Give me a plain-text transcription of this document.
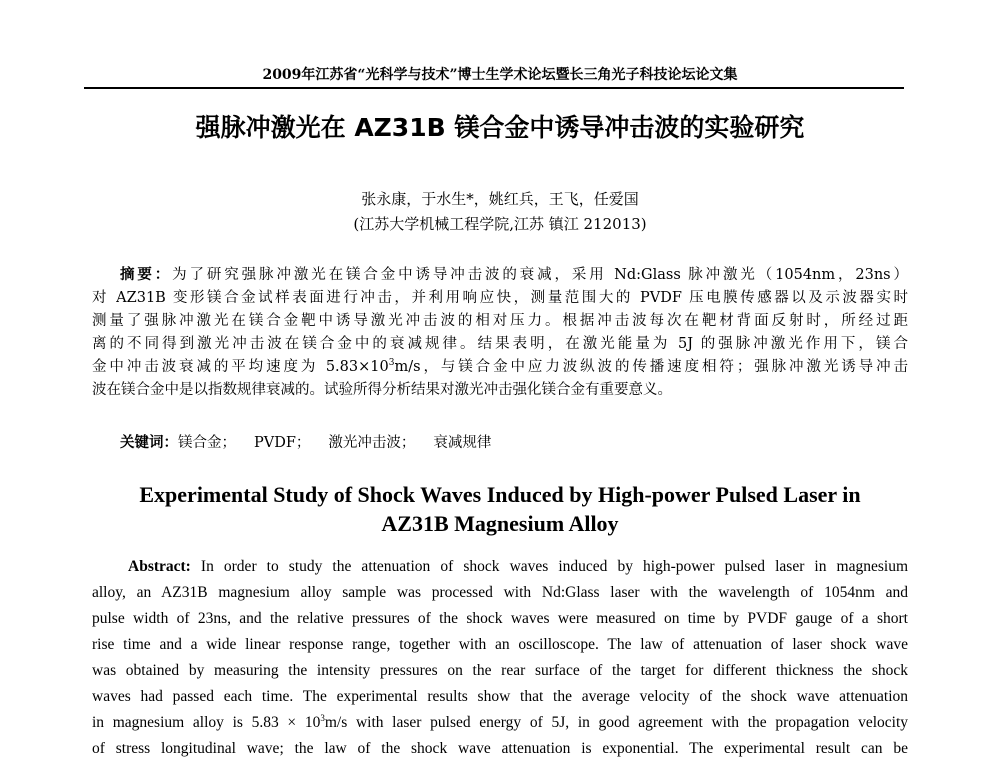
2009年江苏省“光科学与技术”博士生学术论坛暨长三角光子科技论坛论文集
强脉冲激光在 AZ31B 镁合金中诱导冲击波的实验研究
张永康，于水生*，姚红兵，王飞，任爱国
(江苏大学机械工程学院,江苏 镇江 212013)
摘要：为了研究强脉冲激光在镁合金中诱导冲击波的衰减，采用 Nd:Glass 脉冲激光（1054nm，23ns）
对 AZ31B 变形镁合金试样表面进行冲击，并利用响应快，测量范围大的 PVDF 压电膜传感器以及示波器实时
测量了强脉冲激光在镁合金靶中诱导激光冲击波的相对压力。根据冲击波每次在靶材背面反射时，所经过距
离的不同得到激光冲击波在镁合金中的衰减规律。结果表明，在激光能量为 5J 的强脉冲激光作用下，镁合
金中冲击波衰减的平均速度为 $5.83\times 10^3m/s$，与镁合金中应力波纵波的传播速度相符；强脉冲激光诱导冲击
波在镁合金中是以指数规律衰减的。试验所得分析结果对激光冲击强化镁合金有重要意义。
关键词：镁合金； PVDF； 激光冲击波； 衰减规律
Experimental Study of Shock Waves Induced by High-power Pulsed Laser in
AZ31B Magnesium Alloy
Abstract: In order to study the attenuation of shock waves induced by high-power pulsed laser in magnesium
alloy, an AZ31B magnesium alloy sample was processed with Nd:Glass laser with the wavelength of 1054nm and
pulse width of 23ns, and the relative pressures of the shock waves were measured on time by PVDF gauge of a short
rise time and a wide linear response range, together with an oscilloscope. The law of attenuation of laser shock wave
was obtained by measuring the intensity pressures on the rear surface of the target for different thickness the shock
waves had passed each time. The experimental results show that the average velocity of the shock wave attenuation
in magnesium alloy is $5.83 \times 10^3m/s$ with laser pulsed energy of 5J, in good agreement with the propagation velocity
of stress longitudinal wave; the law of the shock wave attenuation is exponential. The experimental result can be
